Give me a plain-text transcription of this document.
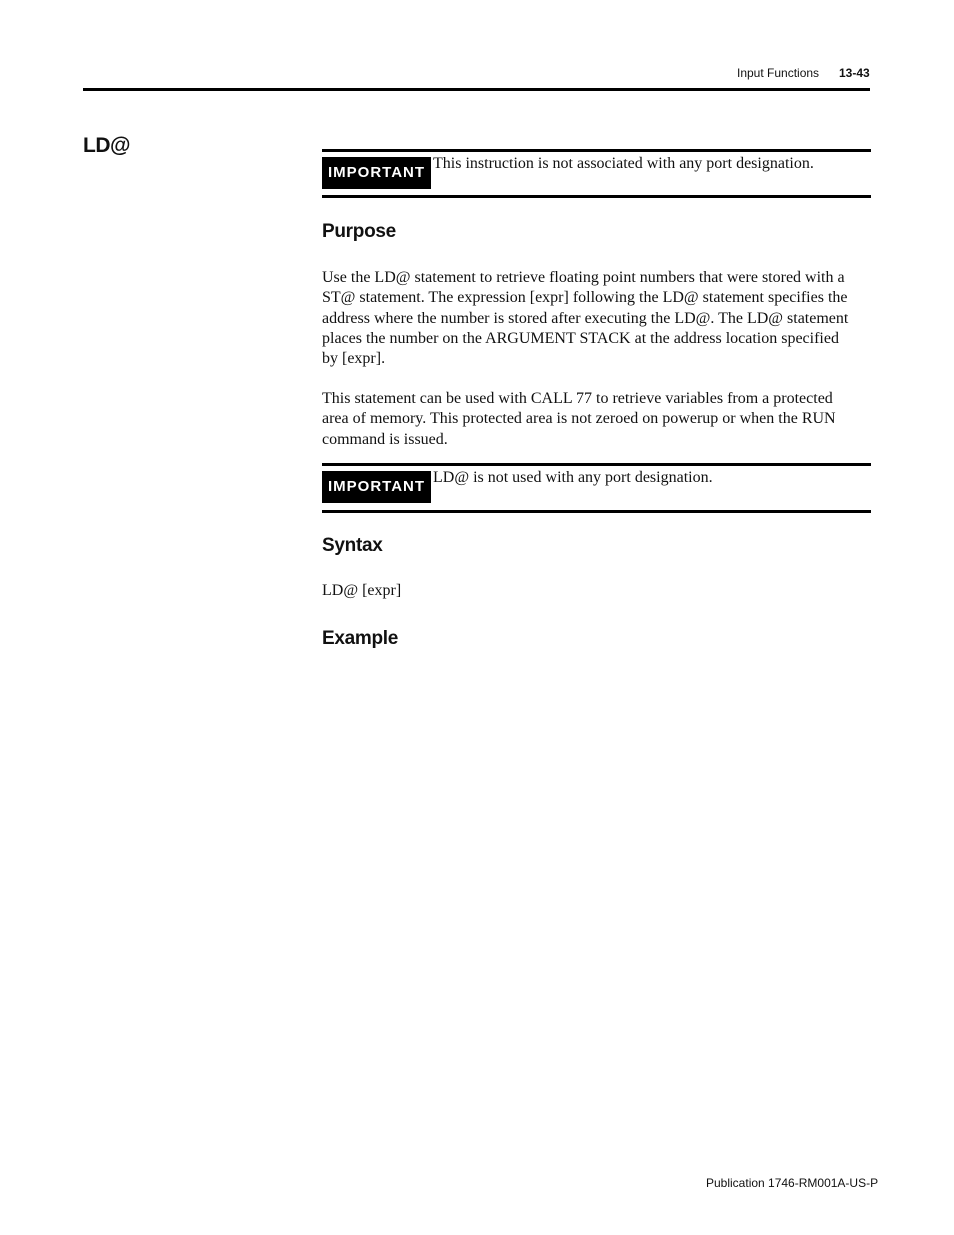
Input Functions 13-43
LD@
IMPORTANT
This instruction is not associated with any port designation.
Purpose
Use the LD@ statement to retrieve floating point numbers that were stored with a
ST@ statement. The expression [expr] following the LD@ statement specifies the
address where the number is stored after executing the LD@. The LD@ statement
places the number on the ARGUMENT STACK at the address location specified
by [expr].
This statement can be used with CALL 77 to retrieve variables from a protected
area of memory. This protected area is not zeroed on powerup or when the RUN
command is issued.
IMPORTANT
LD@ is not used with any port designation.
Syntax
LD@ [expr]
Example
Publication 1746-RM001A-US-P
